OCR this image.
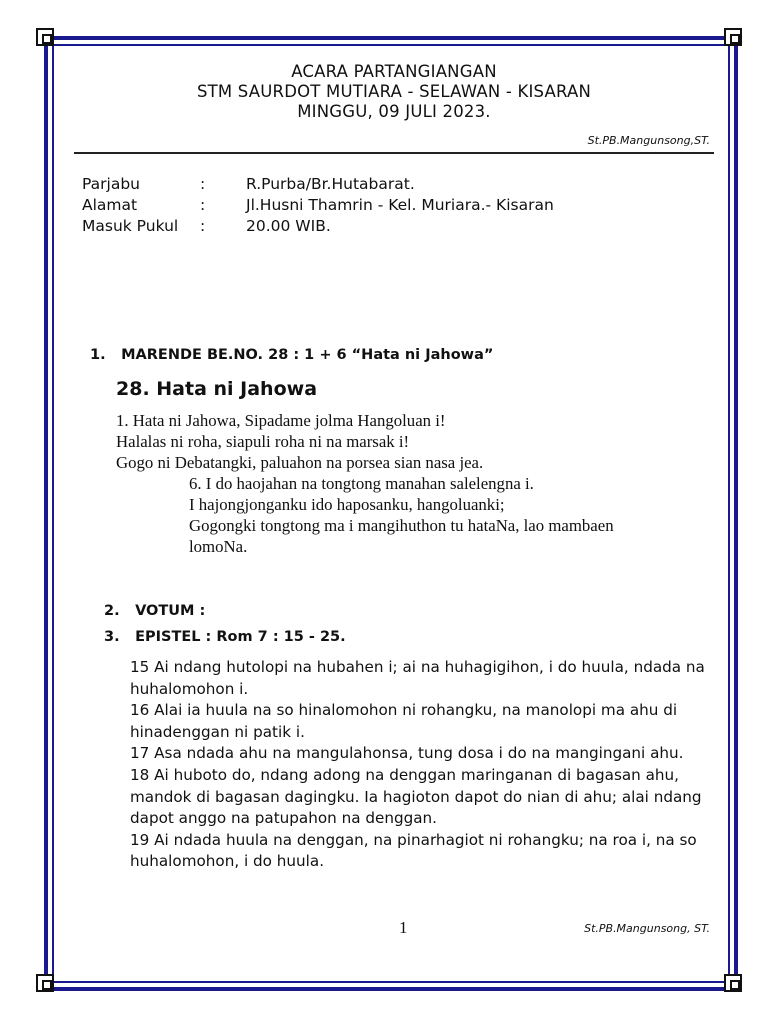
ACARA PARTANGIANGAN
STM SAURDOT MUTIARA - SELAWAN - KISARAN
MINGGU, 09 JULI 2023.
St.PB.Mangunsong,ST.
Parjabu	:	R.Purba/Br.Hutabarat.
Alamat	:	Jl.Husni Thamrin - Kel. Muriara.- Kisaran
Masuk Pukul	:	20.00 WIB.
1. MARENDE BE.NO. 28 : 1 + 6 “Hata ni Jahowa”
28. Hata ni Jahowa
1. Hata ni Jahowa, Sipadame jolma Hangoluan i!
Halalas ni roha, siapuli roha ni na marsak i!
Gogo ni Debatangki, paluahon na porsea sian nasa jea.
6. I do haojahan na tongtong manahan salelengna i.
I hajongjonganku ido haposanku, hangoluanki;
Gogongki tongtong ma i mangihuthon tu hataNa, lao mambaen
lomoNa.
2. VOTUM :
3. EPISTEL : Rom 7 : 15 - 25.

15 Ai ndang hutolopi na hubahen i; ai na huhagigihon, i do huula, ndada na huhalomohon i.

16 Alai ia huula na so hinalomohon ni rohangku, na manolopi ma ahu di hinadenggan ni patik i.

17 Asa ndada ahu na mangulahonsa, tung dosa i do na mangingani ahu.

18 Ai huboto do, ndang adong na denggan maringanan di bagasan ahu, mandok di bagasan dagingku. Ia hagioton dapot do nian di ahu; alai ndang dapot anggo na patupahon na denggan.

19 Ai ndada huula na denggan, na pinarhagiot ni rohangku; na roa i, na so huhalomohon, i do huula.

1	St.PB.Mangunsong, ST.
